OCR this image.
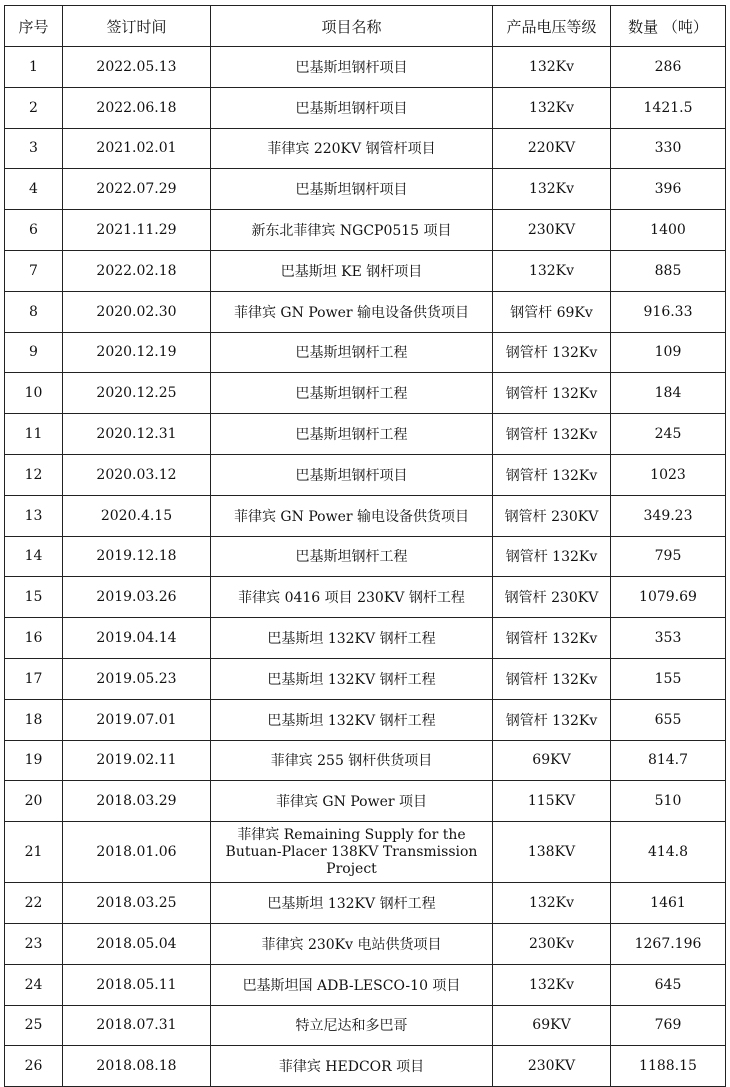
序号	签订时间	项目名称	产品电压等级	数量 （吨）
1	2022.05.13	巴基斯坦钢杆项目	132Kv	286
2	2022.06.18	巴基斯坦钢杆项目	132Kv	1421.5
3	2021.02.01	菲律宾 220KV 钢管杆项目	220KV	330
4	2022.07.29	巴基斯坦钢杆项目	132Kv	396
6	2021.11.29	新东北菲律宾 NGCP0515 项目	230KV	1400
7	2022.02.18	巴基斯坦 KE 钢杆项目	132Kv	885
8	2020.02.30	菲律宾 GN Power 输电设备供货项目	钢管杆 69Kv	916.33
9	2020.12.19	巴基斯坦钢杆工程	钢管杆 132Kv	109
10	2020.12.25	巴基斯坦钢杆工程	钢管杆 132Kv	184
11	2020.12.31	巴基斯坦钢杆工程	钢管杆 132Kv	245
12	2020.03.12	巴基斯坦钢杆项目	钢管杆 132Kv	1023
13	2020.4.15	菲律宾 GN Power 输电设备供货项目	钢管杆 230KV	349.23
14	2019.12.18	巴基斯坦钢杆工程	钢管杆 132Kv	795
15	2019.03.26	菲律宾 0416 项目 230KV 钢杆工程	钢管杆 230KV	1079.69
16	2019.04.14	巴基斯坦 132KV 钢杆工程	钢管杆 132Kv	353
17	2019.05.23	巴基斯坦 132KV 钢杆工程	钢管杆 132Kv	155
18	2019.07.01	巴基斯坦 132KV 钢杆工程	钢管杆 132Kv	655
19	2019.02.11	菲律宾 255 钢杆供货项目	69KV	814.7
20	2018.03.29	菲律宾 GN Power 项目	115KV	510
21	2018.01.06	菲律宾 Remaining Supply for the Butuan-Placer 138KV Transmission Project	138KV	414.8
22	2018.03.25	巴基斯坦 132KV 钢杆工程	132Kv	1461
23	2018.05.04	菲律宾 230Kv 电站供货项目	230Kv	1267.196
24	2018.05.11	巴基斯坦国 ADB-LESCO-10 项目	132Kv	645
25	2018.07.31	特立尼达和多巴哥	69KV	769
26	2018.08.18	菲律宾 HEDCOR 项目	230KV	1188.15
